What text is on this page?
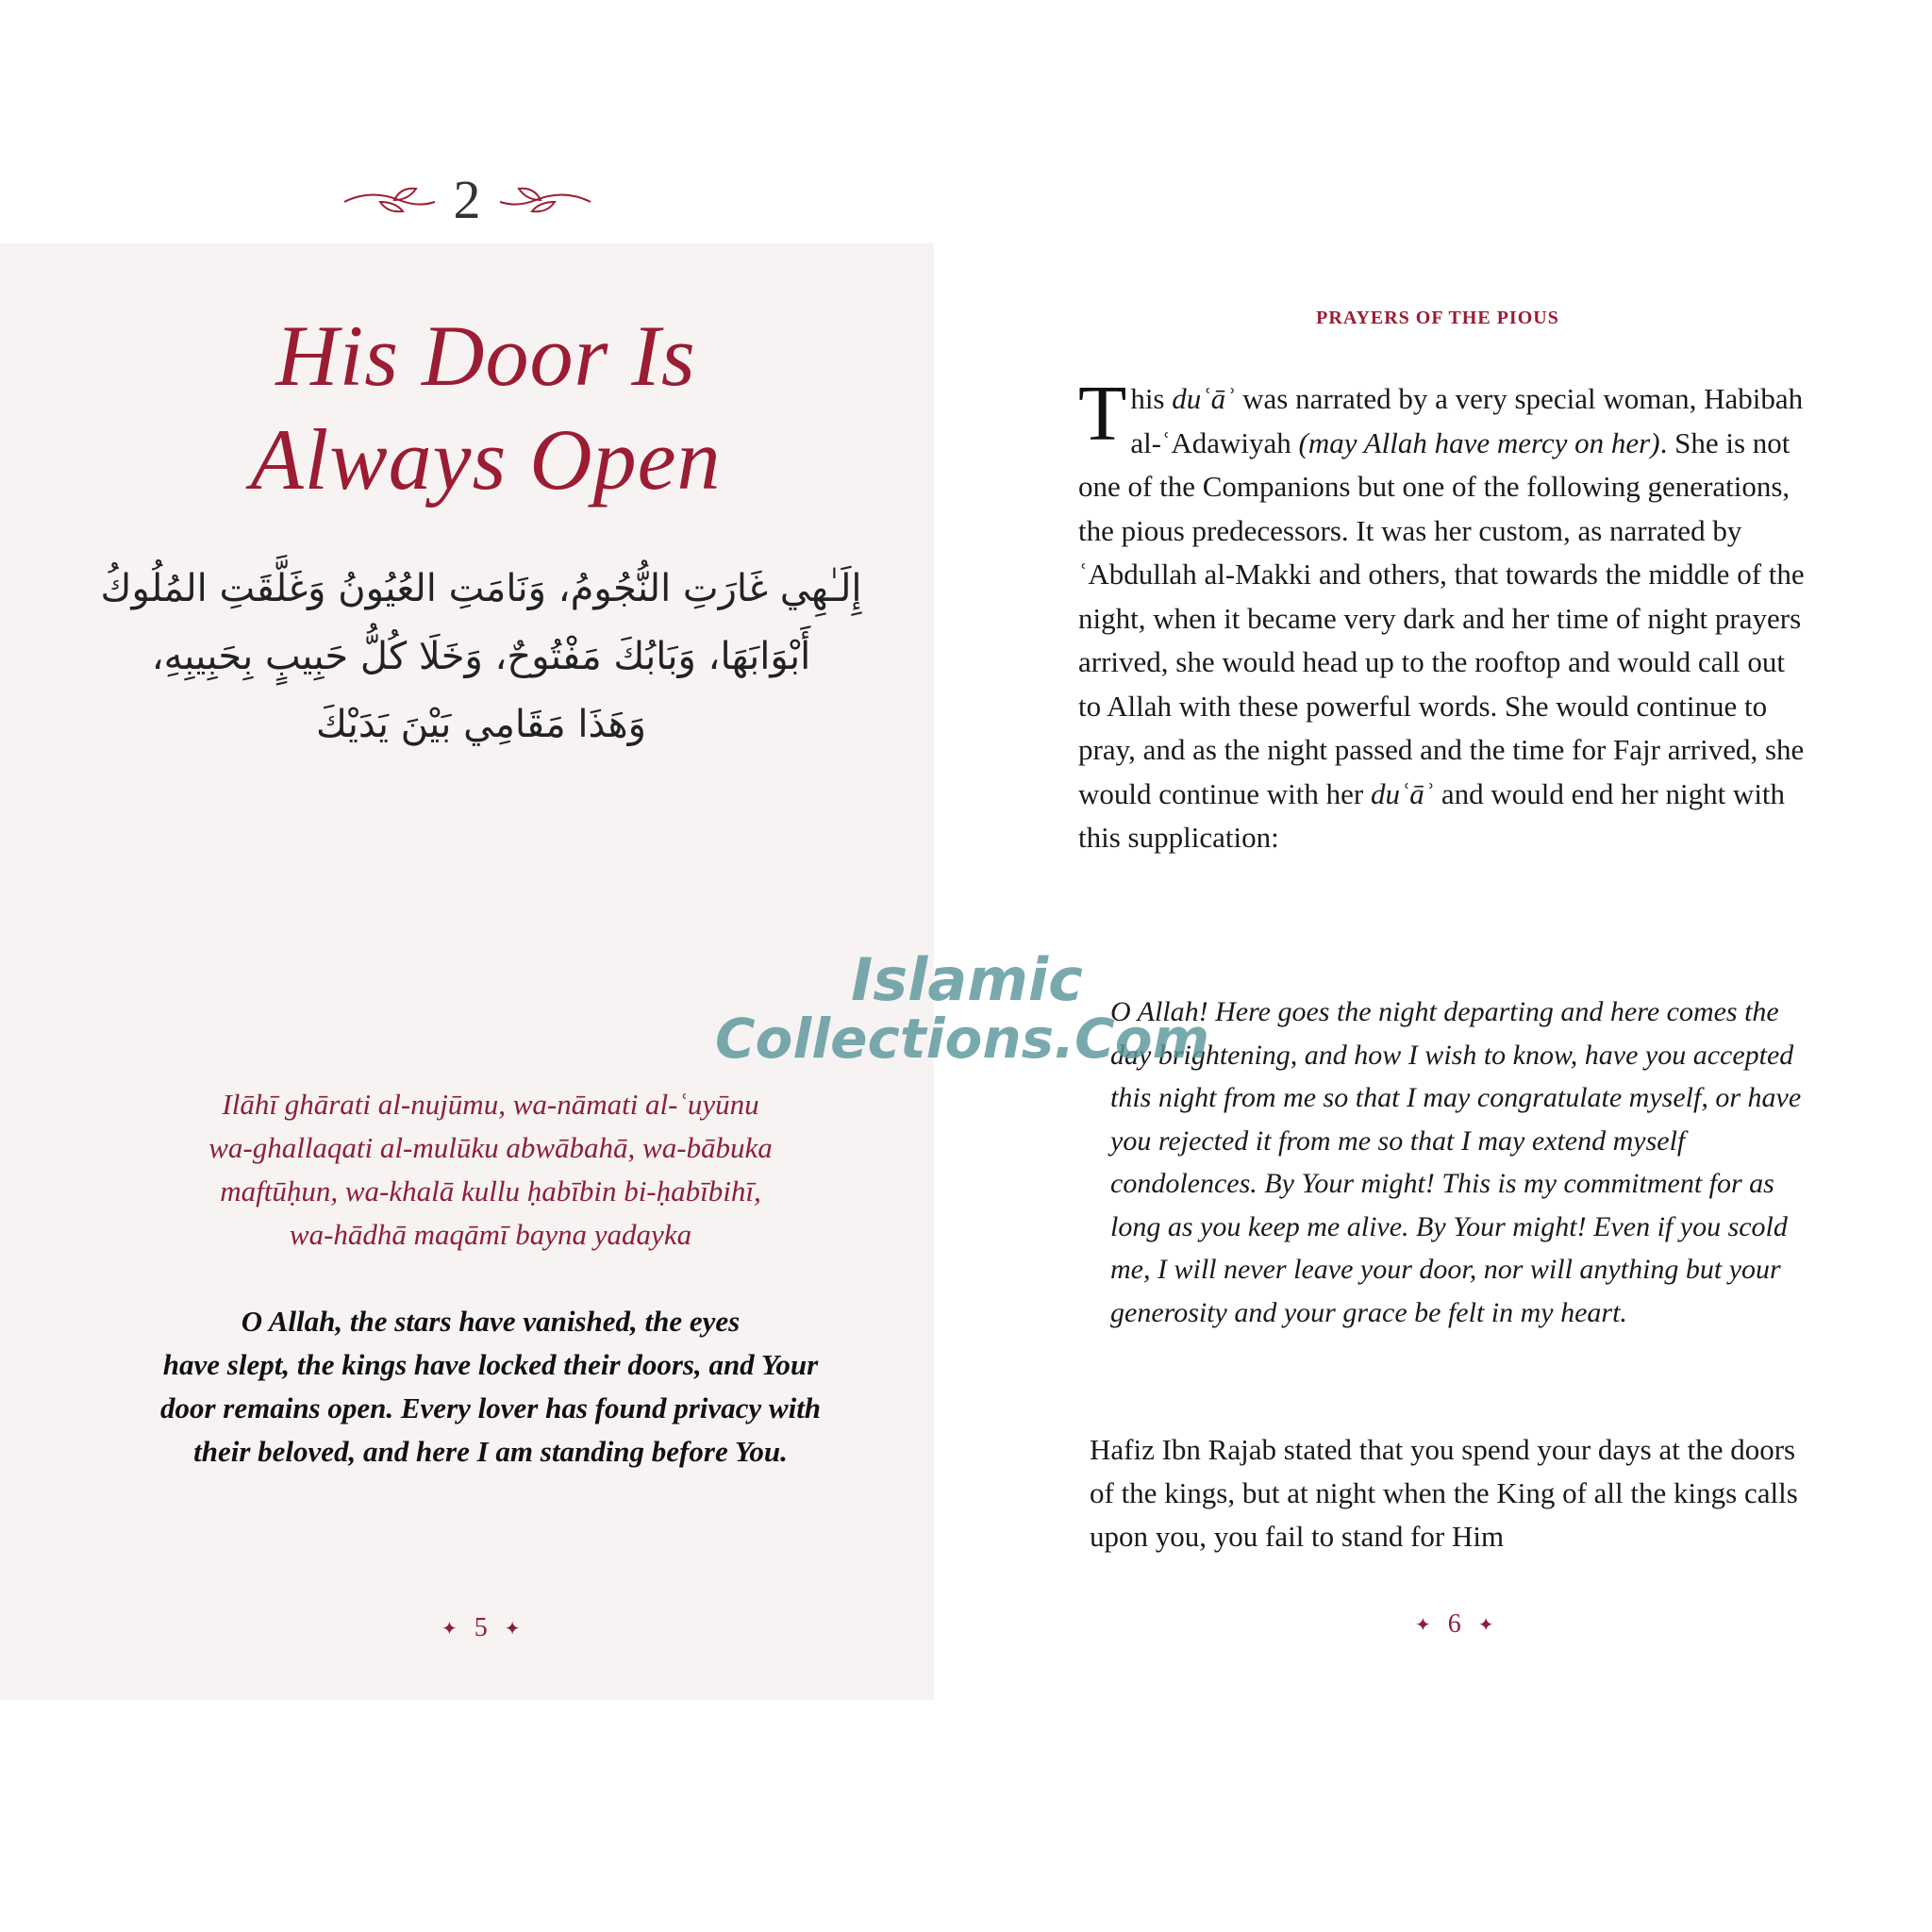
2
His Door Is
Always Open
إِلَـٰهِي غَارَتِ النُّجُومُ، وَنَامَتِ العُيُونُ وَغَلَّقَتِ المُلُوكُ
أَبْوَابَهَا، وَبَابُكَ مَفْتُوحٌ، وَخَلَا كُلُّ حَبِيبٍ بِحَبِيبِهِ،
وَهَذَا مَقَامِي بَيْنَ يَدَيْكَ
Ilāhī ghārati al-nujūmu, wa-nāmati al-ʿuyūnu
wa-ghallaqati al-mulūku abwābahā, wa-bābuka
maftūḥun, wa-khalā kullu ḥabībin bi-ḥabībihī,
wa-hādhā maqāmī bayna yadayka
O Allah, the stars have vanished, the eyes
have slept, the kings have locked their doors, and Your
door remains open. Every lover has found privacy with
their beloved, and here I am standing before You.
✦ 5 ✦
PRAYERS OF THE PIOUS
This duʿāʾ was narrated by a very special woman, Habibah al-ʿAdawiyah (may Allah have mercy on her). She is not one of the Companions but one of the following generations, the pious predecessors. It was her custom, as narrated by ʿAbdullah al-Makki and others, that towards the middle of the night, when it became very dark and her time of night prayers arrived, she would head up to the rooftop and would call out to Allah with these powerful words. She would continue to pray, and as the night passed and the time for Fajr arrived, she would continue with her duʿāʾ and would end her night with this supplication:
O Allah! Here goes the night departing and here comes the day brightening, and how I wish to know, have you accepted this night from me so that I may congratulate myself, or have you rejected it from me so that I may extend myself condolences. By Your might! This is my commitment for as long as you keep me alive. By Your might! Even if you scold me, I will never leave your door, nor will anything but your generosity and your grace be felt in my heart.
Hafiz Ibn Rajab stated that you spend your days at the doors of the kings, but at night when the King of all the kings calls upon you, you fail to stand for Him
✦ 6 ✦
Islamic
Collections.Com
